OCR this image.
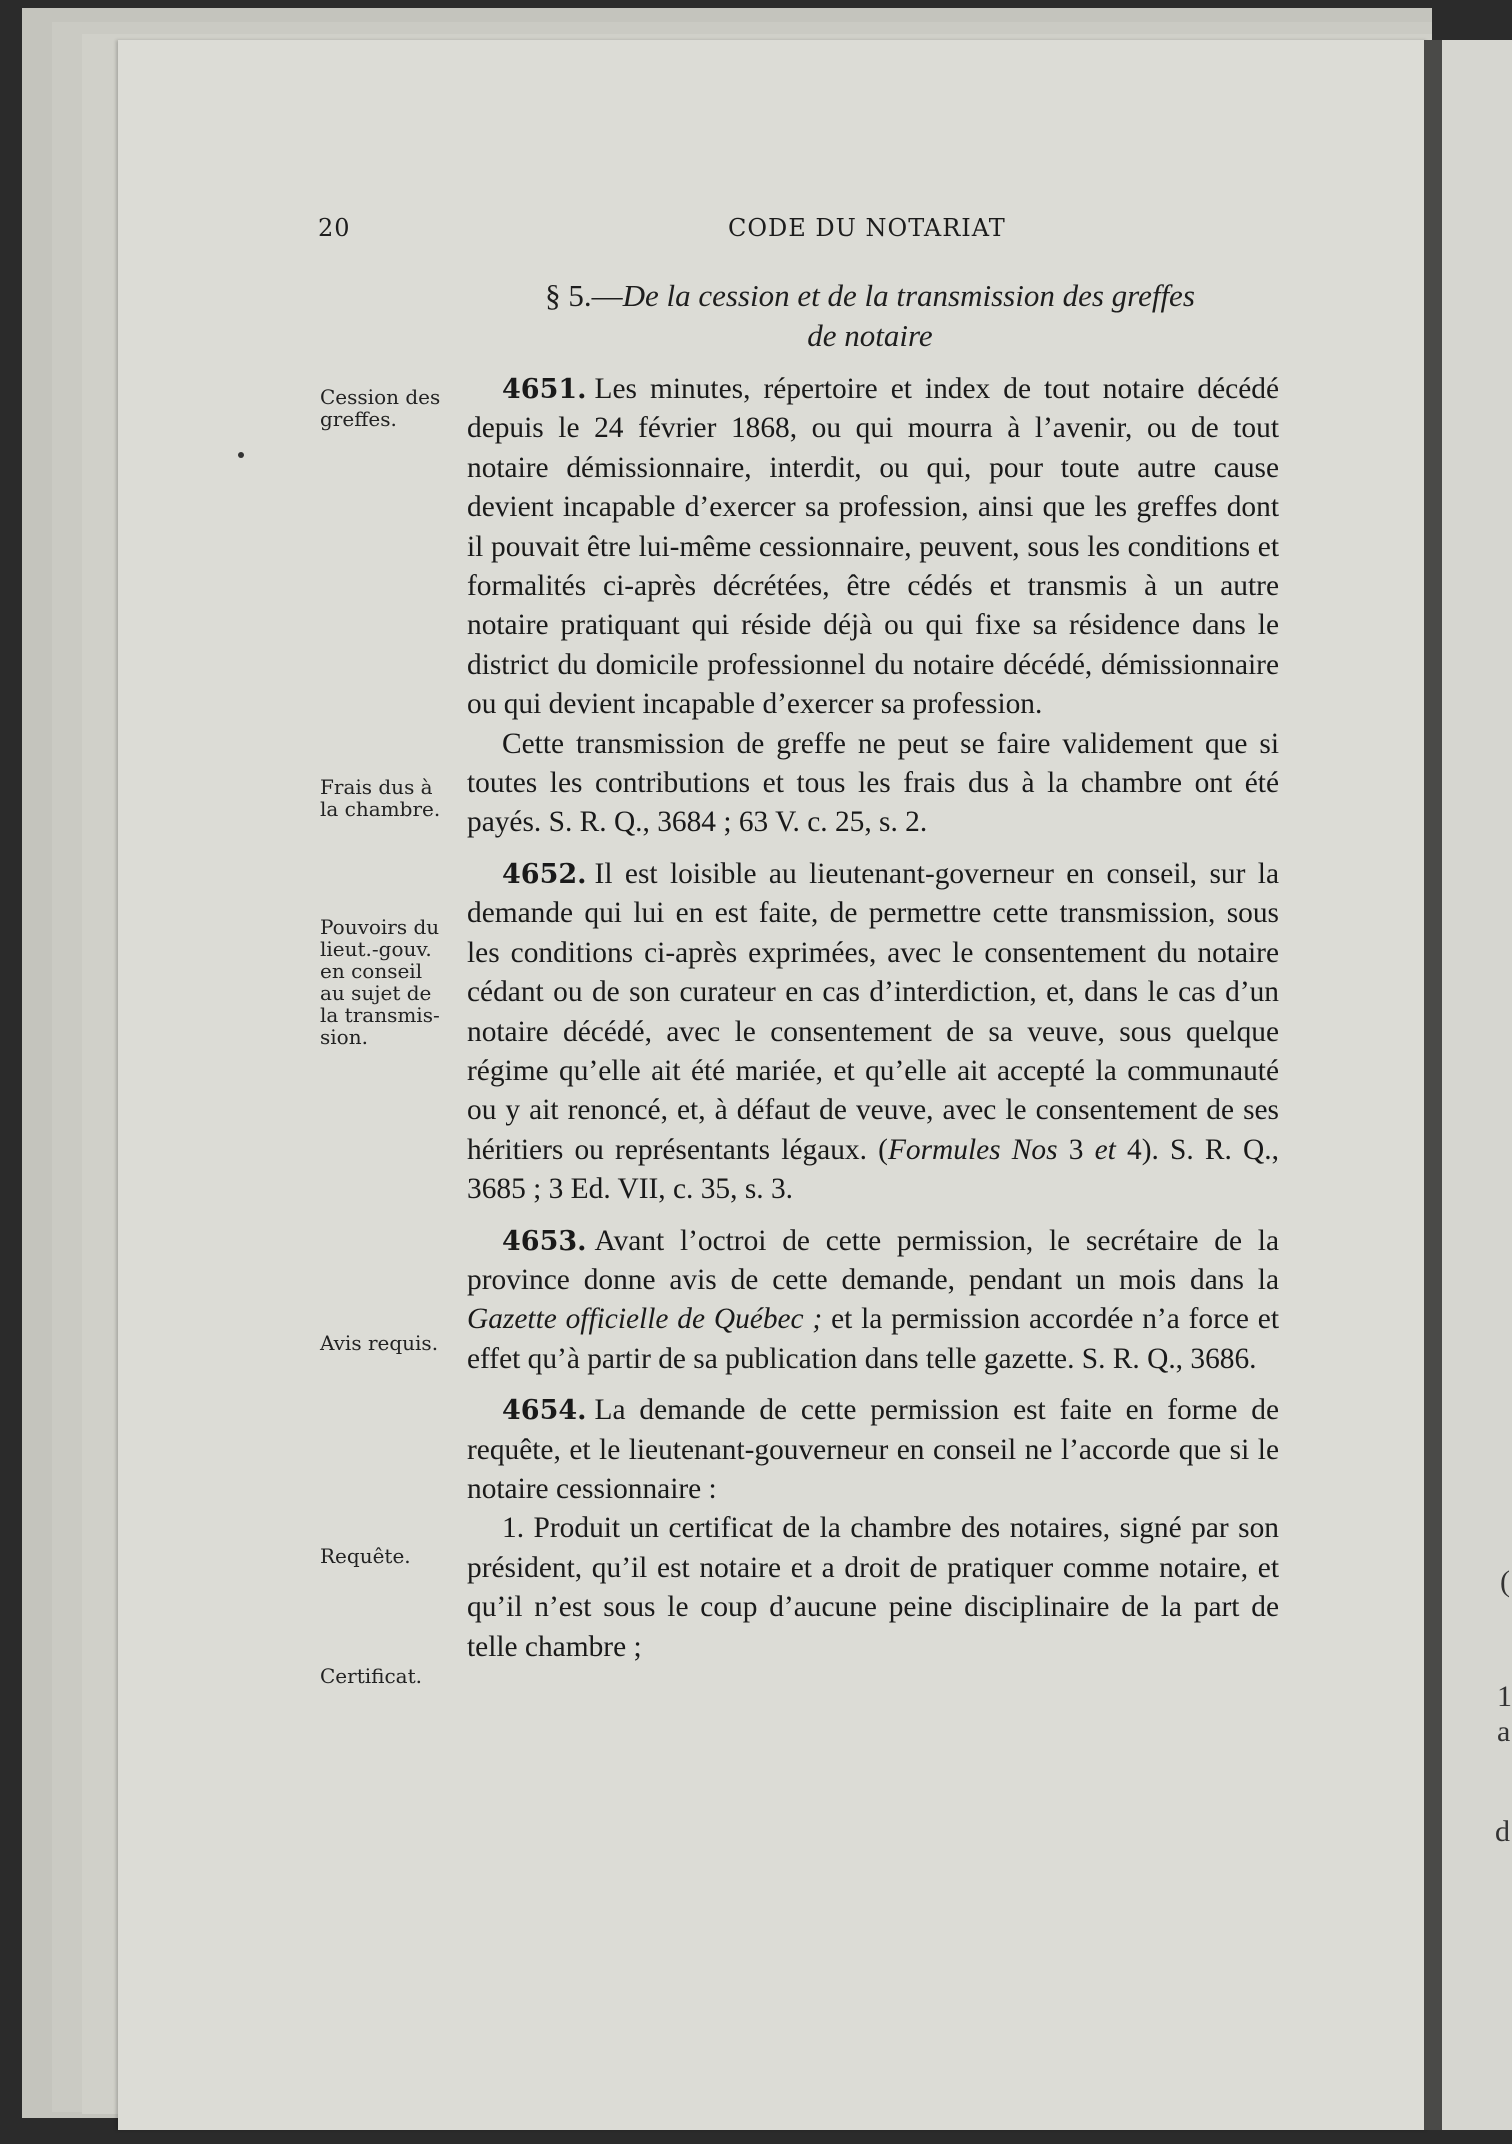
(
1
a
d
20	CODE DU NOTARIAT
§ 5.—De la cession et de la transmission des greffes
de notaire
Cession des
greffes.
Frais dus à
la chambre.
Pouvoirs du
lieut.-gouv.
en conseil
au sujet de
la transmis-
sion.
Avis requis.
Requête.
Certificat.

4651. Les minutes, répertoire et index de tout notaire décédé depuis le 24 février 1868, ou qui mourra à l’avenir, ou de tout notaire démissionnaire, interdit, ou qui, pour toute autre cause devient incapable d’exercer sa profession, ainsi que les greffes dont il pouvait être lui-même cessionnaire, peuvent, sous les conditions et formalités ci-après décrétées, être cédés et transmis à un autre notaire pratiquant qui réside déjà ou qui fixe sa résidence dans le district du domicile professionnel du notaire décédé, démissionnaire ou qui devient incapable d’exercer sa profession.

Cette transmission de greffe ne peut se faire validement que si toutes les contributions et tous les frais dus à la chambre ont été payés. S. R. Q., 3684 ; 63 V. c. 25, s. 2.

4652. Il est loisible au lieutenant-governeur en conseil, sur la demande qui lui en est faite, de permettre cette transmission, sous les conditions ci-après exprimées, avec le consentement du notaire cédant ou de son curateur en cas d’interdiction, et, dans le cas d’un notaire décédé, avec le consentement de sa veuve, sous quelque régime qu’elle ait été mariée, et qu’elle ait accepté la communauté ou y ait renoncé, et, à défaut de veuve, avec le consentement de ses héritiers ou représentants légaux. (Formules Nos 3 et 4). S. R. Q., 3685 ; 3 Ed. VII, c. 35, s. 3.

4653. Avant l’octroi de cette permission, le secrétaire de la province donne avis de cette demande, pendant un mois dans la Gazette officielle de Québec ; et la permission accordée n’a force et effet qu’à partir de sa publication dans telle gazette. S. R. Q., 3686.

4654. La demande de cette permission est faite en forme de requête, et le lieutenant-gouverneur en conseil ne l’accorde que si le notaire cessionnaire :

1. Produit un certificat de la chambre des notaires, signé par son président, qu’il est notaire et a droit de pratiquer comme notaire, et qu’il n’est sous le coup d’aucune peine disciplinaire de la part de telle chambre ;
